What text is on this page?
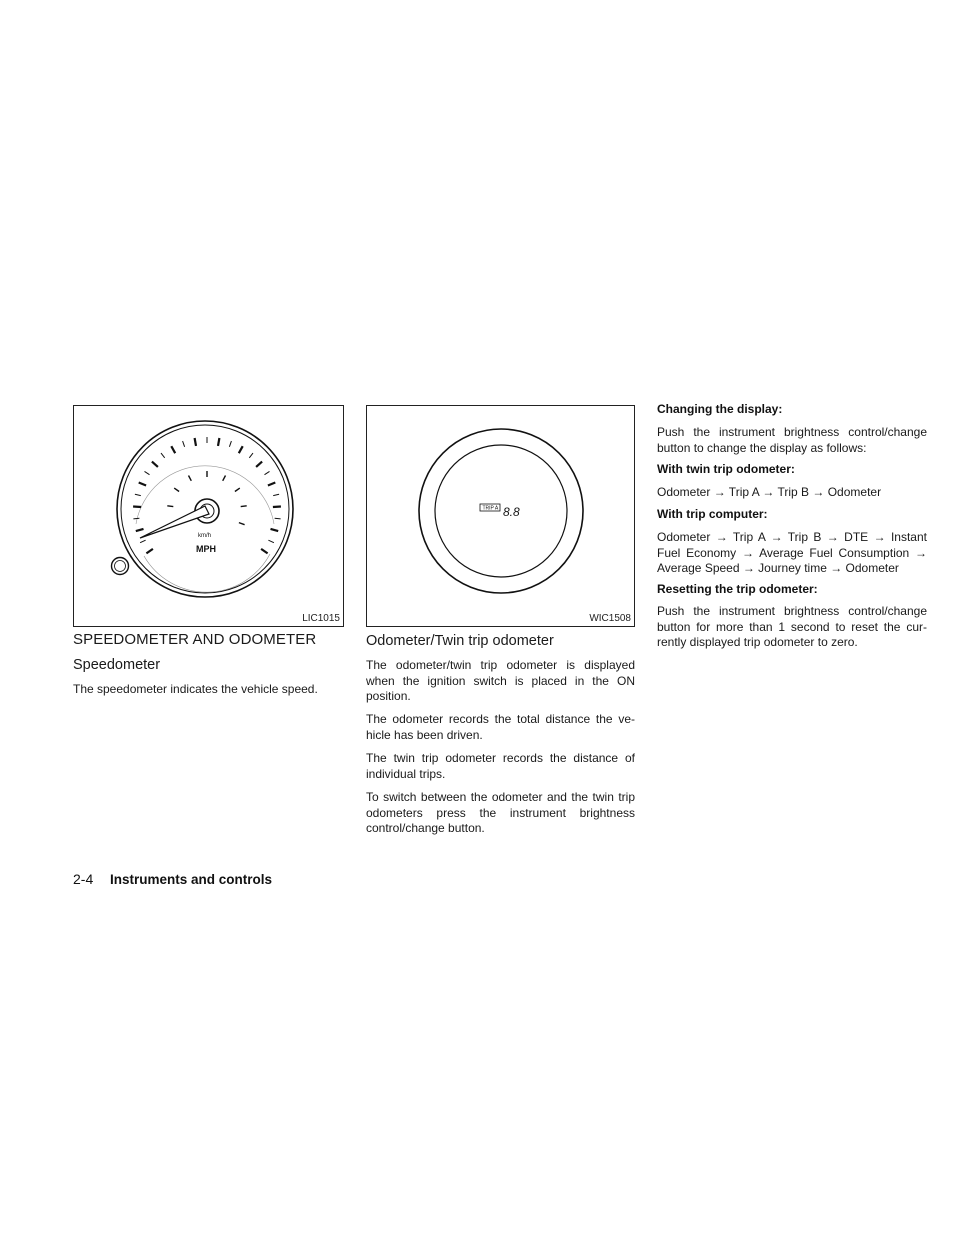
km/h
MPH
LIC1015
TRIP A 8.8
WIC1508
SPEEDOMETER AND ODOMETER
Speedometer
The speedometer indicates the vehicle speed.
Odometer/Twin trip odometer
The odometer/twin trip odometer is displayed when the ignition switch is placed in the ON position.
The odometer records the total distance the ve-hicle has been driven.
The twin trip odometer records the distance of individual trips.
To switch between the odometer and the twin trip odometers press the instrument brightness control/change button.
Changing the display:
Push the instrument brightness control/change button to change the display as follows:
With twin trip odometer:
Odometer → Trip A → Trip B → Odometer
With trip computer:
Odometer → Trip A → Trip B → DTE → Instant Fuel Economy → Average Fuel Consumption → Average Speed → Journey time → Odometer
Resetting the trip odometer:
Push the instrument brightness control/change button for more than 1 second to reset the cur-rently displayed trip odometer to zero.
2-4 Instruments and controls
